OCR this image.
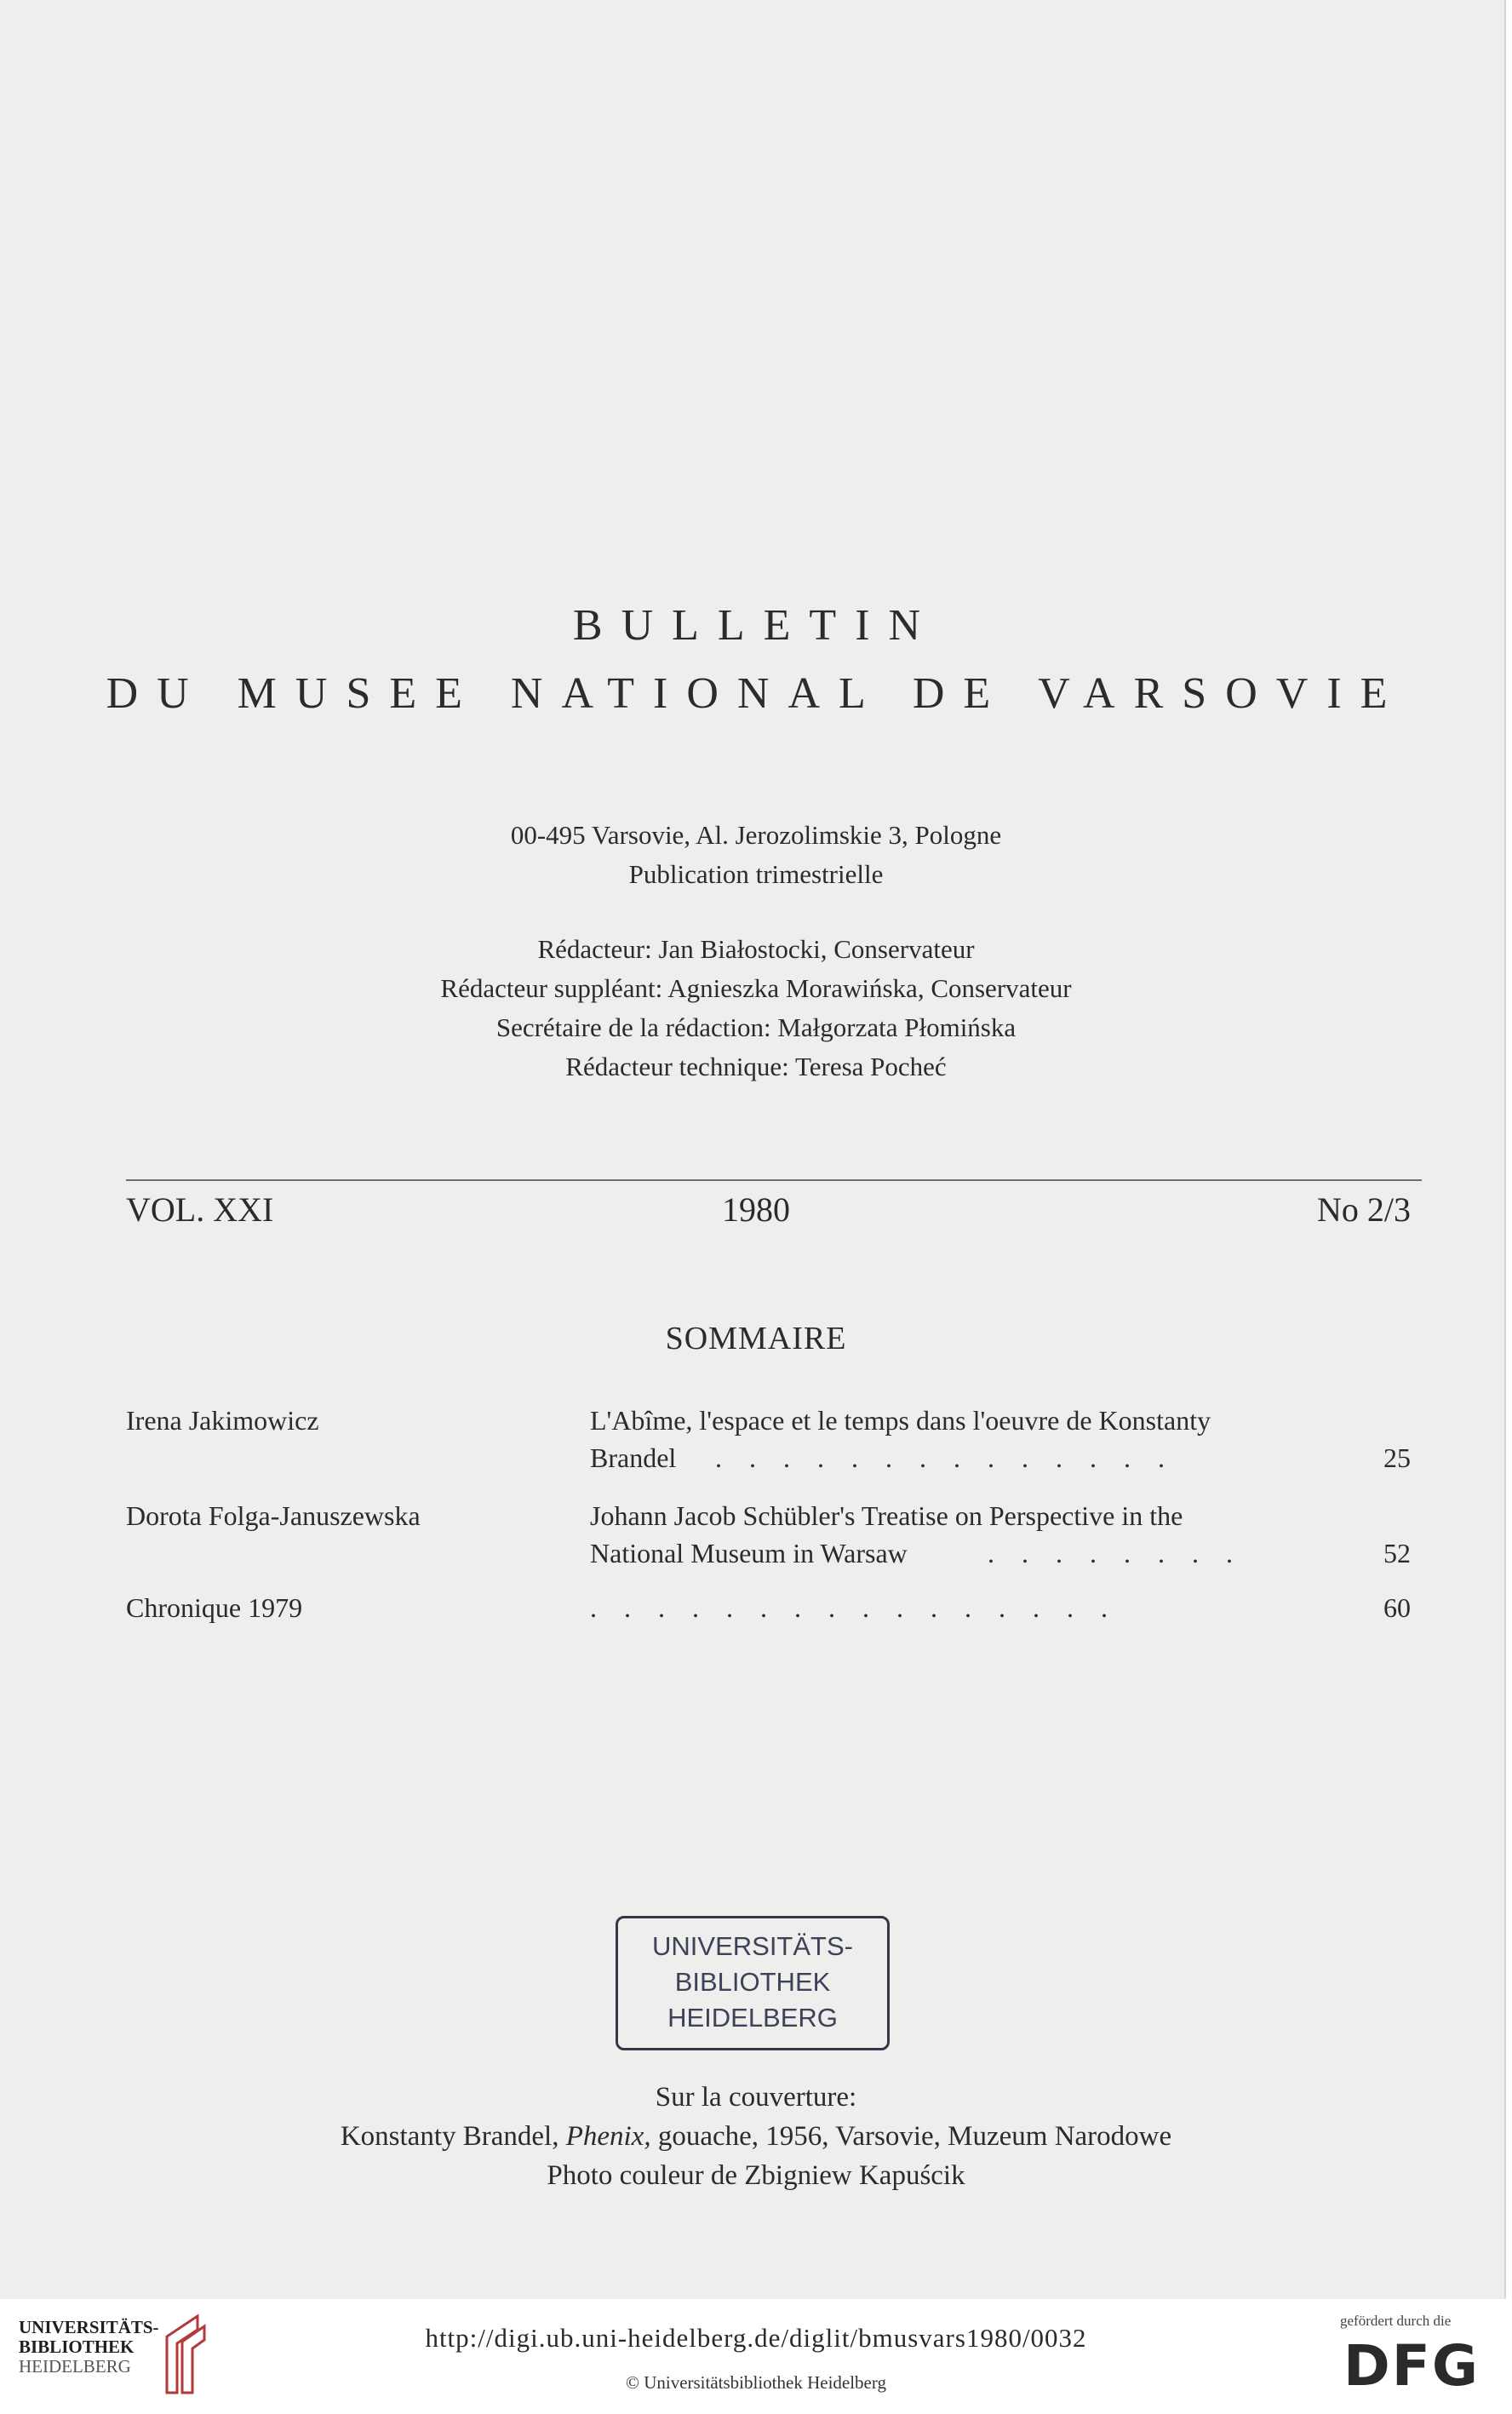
BULLETIN
DU MUSEE NATIONAL DE VARSOVIE
00-495 Varsovie, Al. Jerozolimskie 3, Pologne
Publication trimestrielle
Rédacteur: Jan Białostocki, Conservateur
Rédacteur suppléant: Agnieszka Morawińska, Conservateur
Secrétaire de la rédaction: Małgorzata Płomińska
Rédacteur technique: Teresa Pocheć
VOL. XXI	1980	No 2/3
SOMMAIRE
Irena Jakimowicz	L'Abîme, l'espace et le temps dans l'oeuvre de Konstanty
Brandel . . . . . . . . . . . . . .	25
Dorota Folga-Januszewska	Johann Jacob Schübler's Treatise on Perspective in the
National Museum in Warsaw	. . . . . . . .	52
Chronique 1979	. . . . . . . . . . . . . . . .	60
UNIVERSITÄTS-
BIBLIOTHEK
HEIDELBERG
Sur la couverture:
Konstanty Brandel, Phenix, gouache, 1956, Varsovie, Muzeum Narodowe
Photo couleur de Zbigniew Kapuścik
UNIVERSITÄTS-
BIBLIOTHEK
HEIDELBERG
http://digi.ub.uni-heidelberg.de/diglit/bmusvars1980/0032
© Universitätsbibliothek Heidelberg
gefördert durch die
DFG
